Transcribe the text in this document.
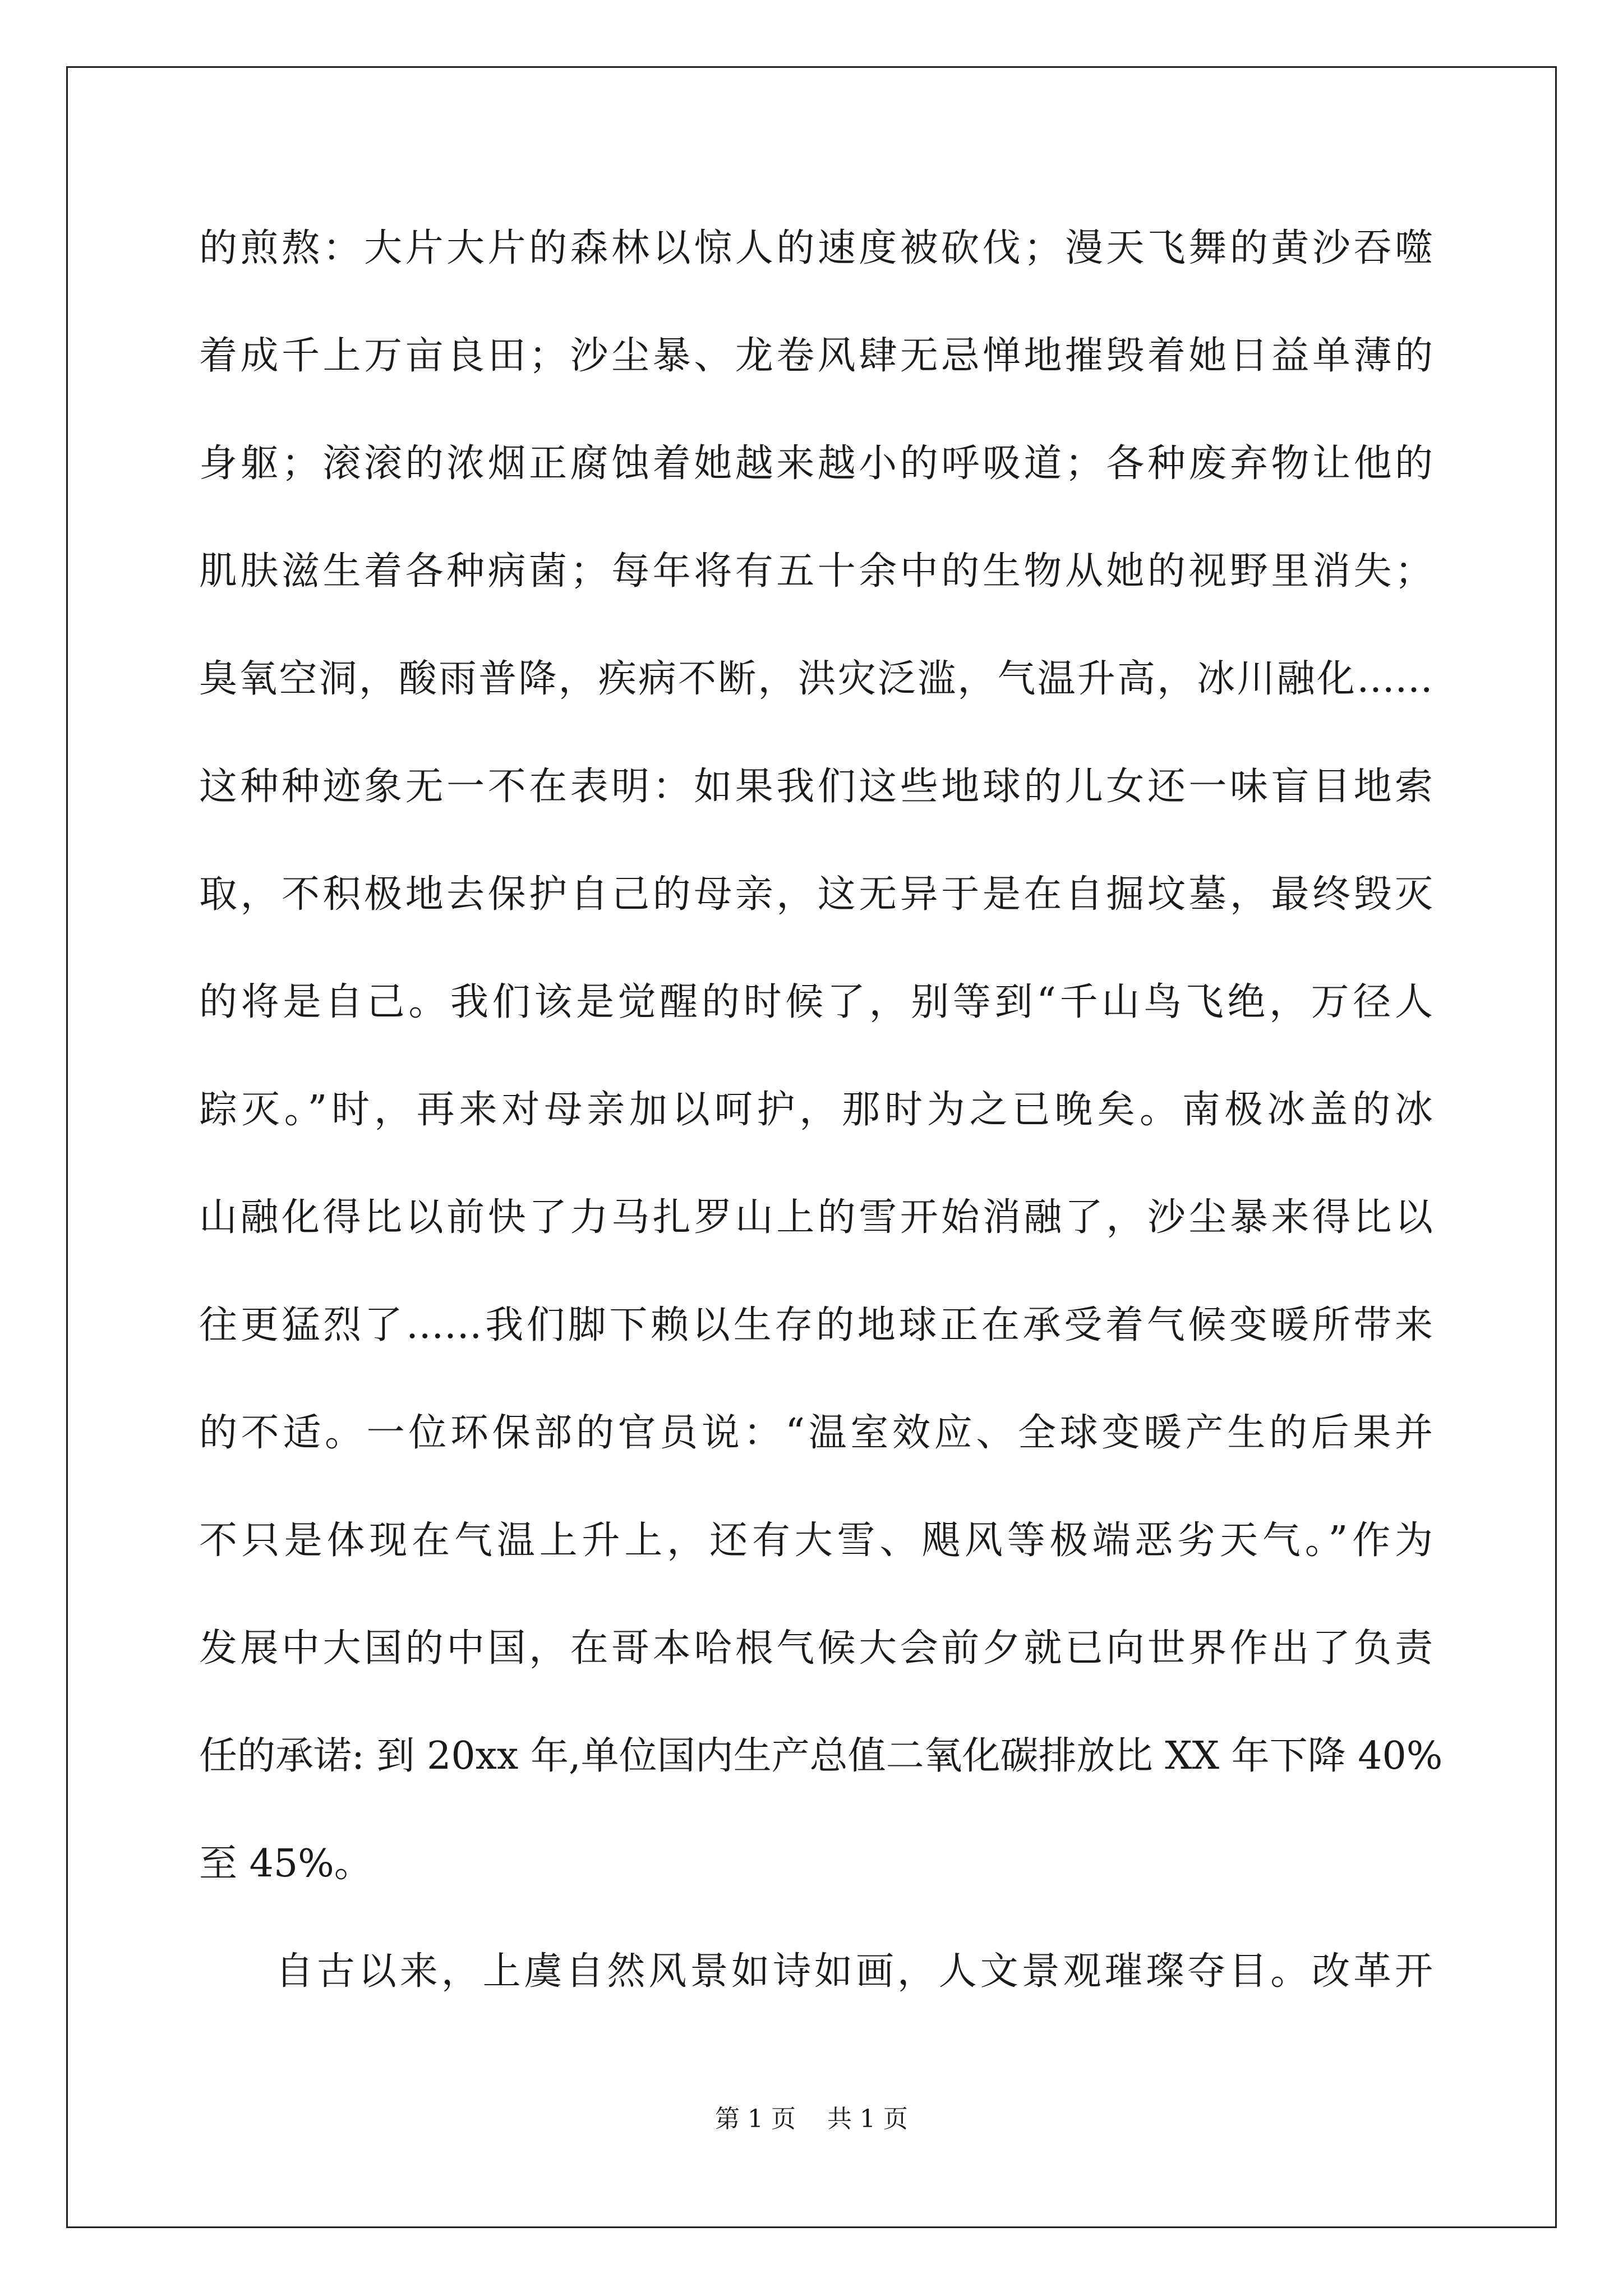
的煎熬：大片大片的森林以惊人的速度被砍伐；漫天飞舞的黄沙吞噬
着成千上万亩良田；沙尘暴、龙卷风肆无忌惮地摧毁着她日益单薄的
身躯；滚滚的浓烟正腐蚀着她越来越小的呼吸道；各种废弃物让他的
肌肤滋生着各种病菌；每年将有五十余中的生物从她的视野里消失；
臭氧空洞，酸雨普降，疾病不断，洪灾泛滥，气温升高，冰川融化……
这种种迹象无一不在表明：如果我们这些地球的儿女还一味盲目地索
取，不积极地去保护自己的母亲，这无异于是在自掘坟墓，最终毁灭
的将是自己。我们该是觉醒的时候了，别等到“千山鸟飞绝，万径人
踪灭。”时，再来对母亲加以呵护，那时为之已晚矣。南极冰盖的冰
山融化得比以前快了力马扎罗山上的雪开始消融了，沙尘暴来得比以
往更猛烈了……我们脚下赖以生存的地球正在承受着气候变暖所带来
的不适。一位环保部的官员说：“温室效应、全球变暖产生的后果并
不只是体现在气温上升上，还有大雪、飓风等极端恶劣天气。”作为
发展中大国的中国，在哥本哈根气候大会前夕就已向世界作出了负责
任的承诺: 到 20xx 年,单位国内生产总值二氧化碳排放比 XX 年下降 40%
至 45%。
自古以来，上虞自然风景如诗如画，人文景观璀璨夺目。改革开
第 1 页    共 1 页
